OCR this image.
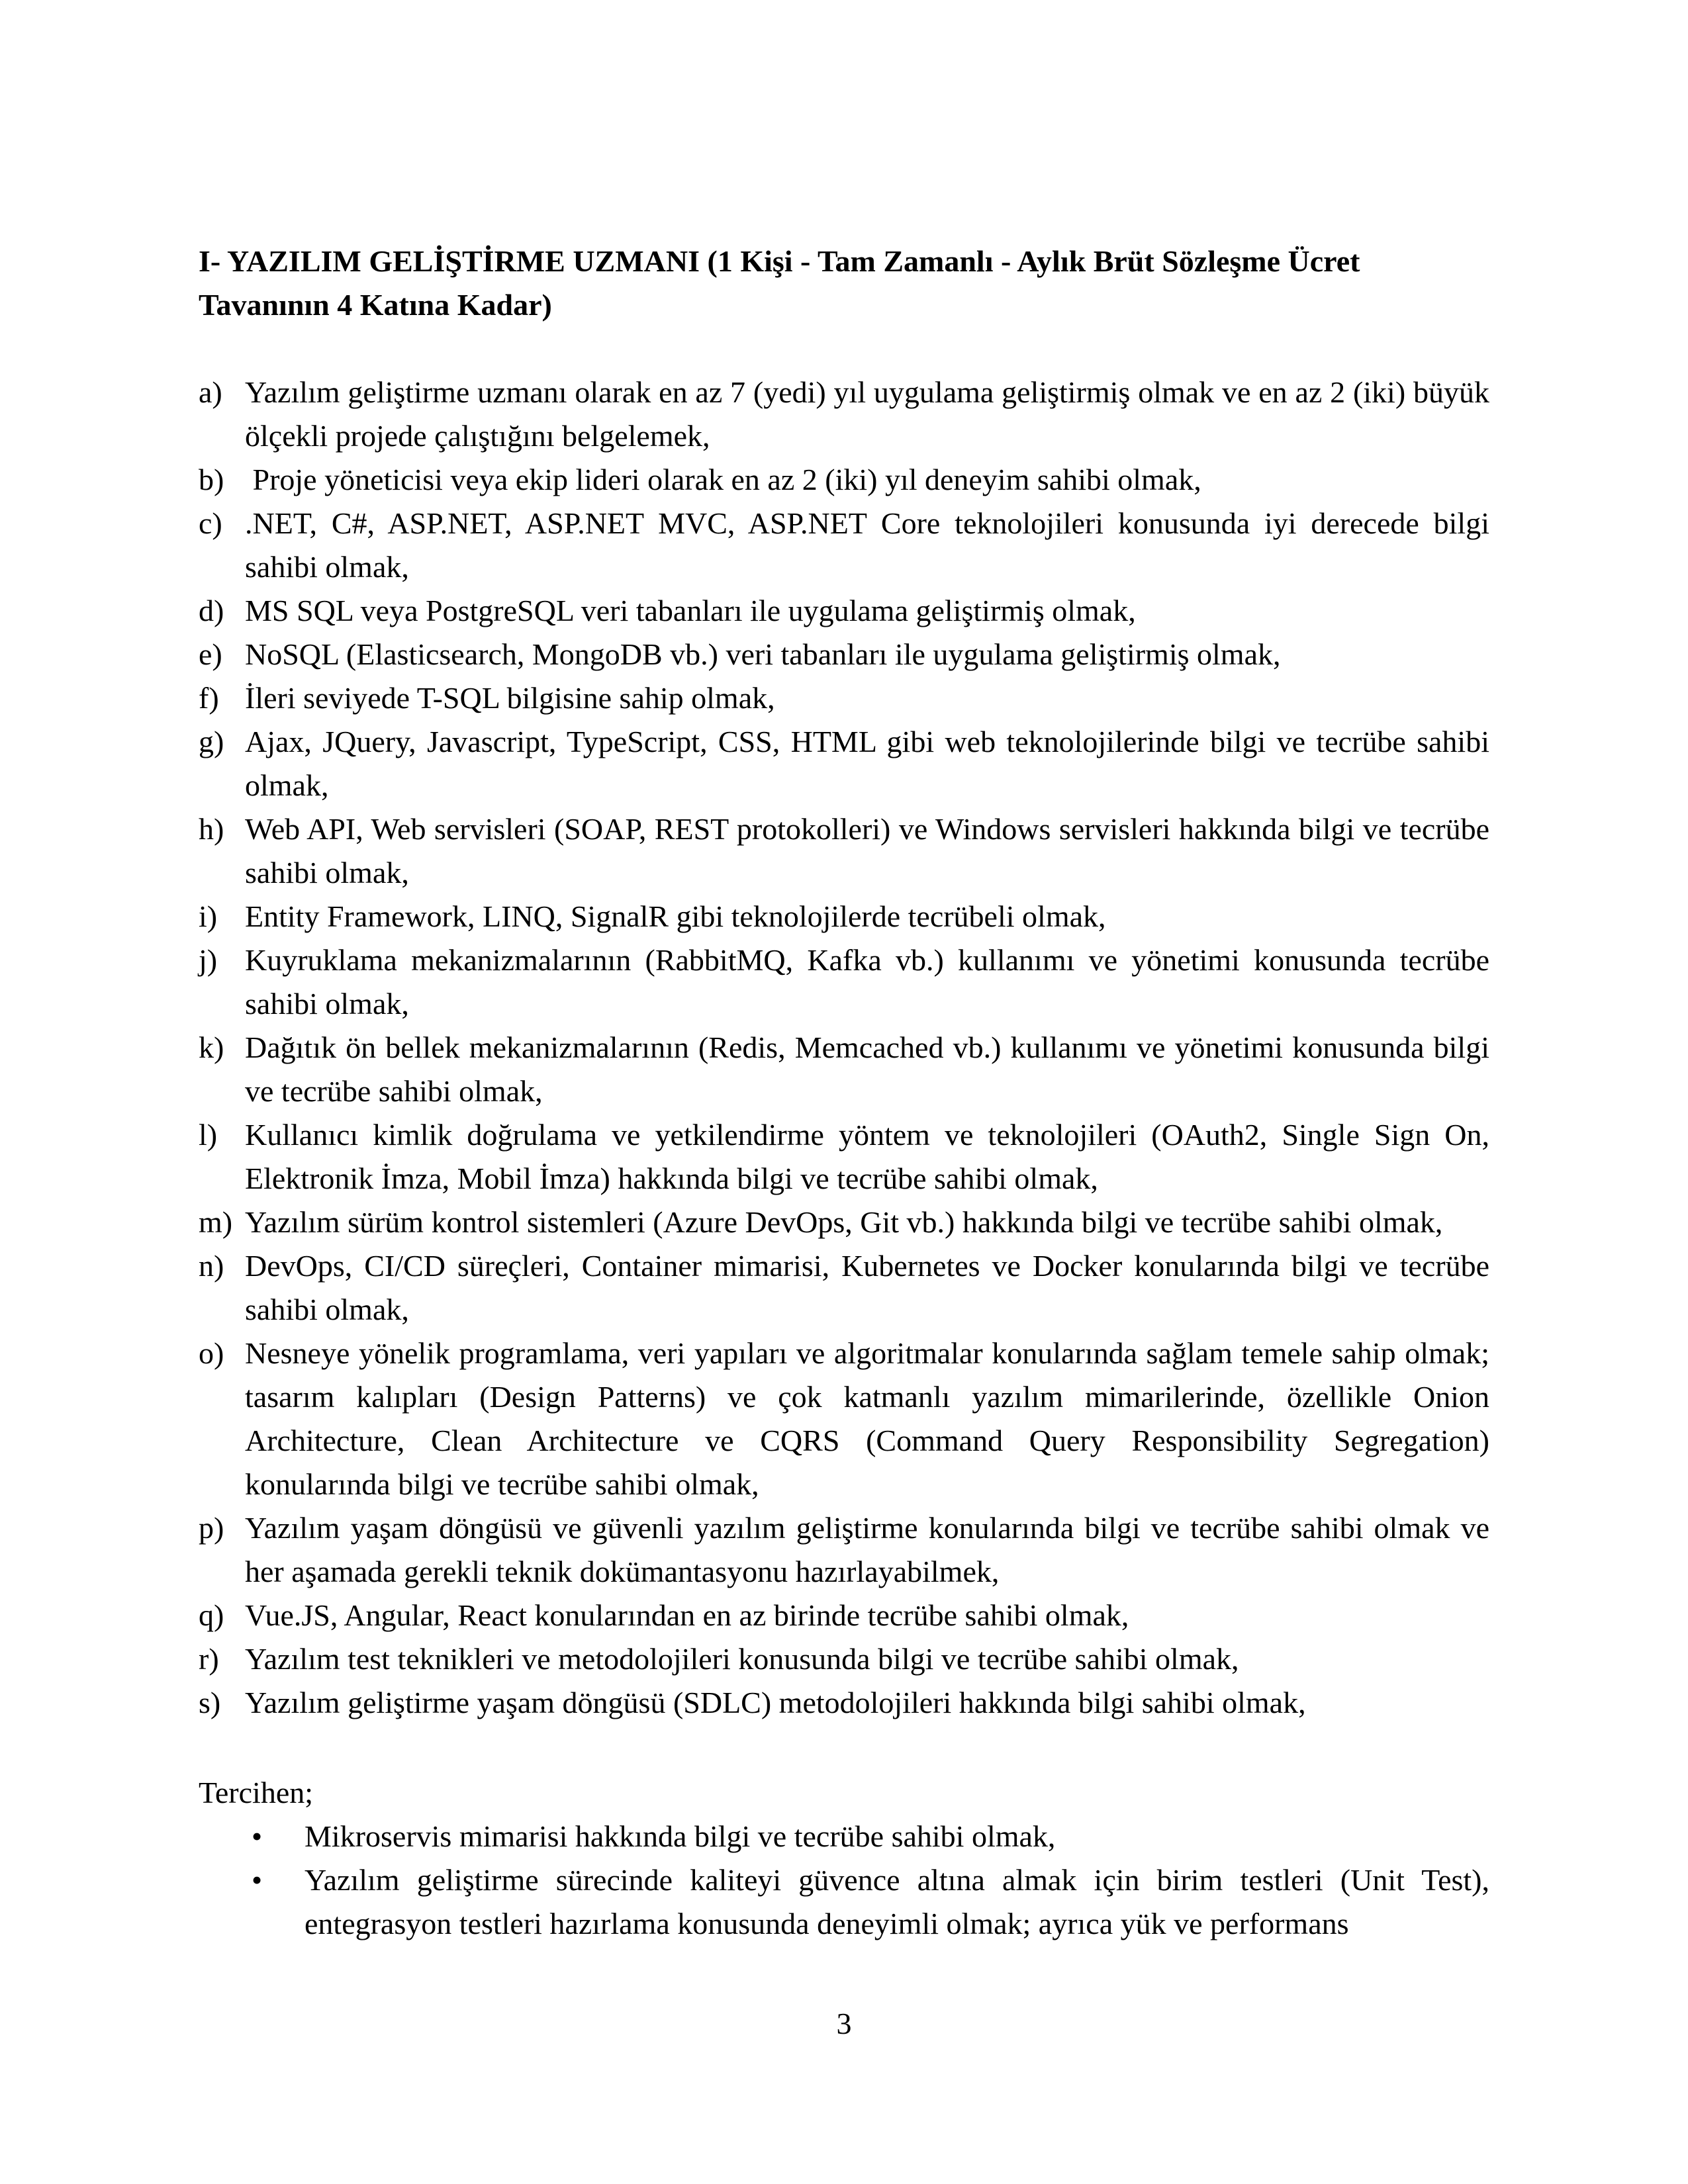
I- YAZILIM GELİŞTİRME UZMANI (1 Kişi - Tam Zamanlı - Aylık Brüt Sözleşme Ücret Tavanının 4 Katına Kadar)

a) Yazılım geliştirme uzmanı olarak en az 7 (yedi) yıl uygulama geliştirmiş olmak ve en az 2 (iki) büyük ölçekli projede çalıştığını belgelemek,
b) Proje yöneticisi veya ekip lideri olarak en az 2 (iki) yıl deneyim sahibi olmak,
c) .NET, C#, ASP.NET, ASP.NET MVC, ASP.NET Core teknolojileri konusunda iyi derecede bilgi sahibi olmak,
d) MS SQL veya PostgreSQL veri tabanları ile uygulama geliştirmiş olmak,
e) NoSQL (Elasticsearch, MongoDB vb.) veri tabanları ile uygulama geliştirmiş olmak,
f) İleri seviyede T-SQL bilgisine sahip olmak,
g) Ajax, JQuery, Javascript, TypeScript, CSS, HTML gibi web teknolojilerinde bilgi ve tecrübe sahibi olmak,
h) Web API, Web servisleri (SOAP, REST protokolleri) ve Windows servisleri hakkında bilgi ve tecrübe sahibi olmak,
i) Entity Framework, LINQ, SignalR gibi teknolojilerde tecrübeli olmak,
j) Kuyruklama mekanizmalarının (RabbitMQ, Kafka vb.) kullanımı ve yönetimi konusunda tecrübe sahibi olmak,
k) Dağıtık ön bellek mekanizmalarının (Redis, Memcached vb.) kullanımı ve yönetimi konusunda bilgi ve tecrübe sahibi olmak,
l) Kullanıcı kimlik doğrulama ve yetkilendirme yöntem ve teknolojileri (OAuth2, Single Sign On, Elektronik İmza, Mobil İmza) hakkında bilgi ve tecrübe sahibi olmak,
m) Yazılım sürüm kontrol sistemleri (Azure DevOps, Git vb.) hakkında bilgi ve tecrübe sahibi olmak,
n) DevOps, CI/CD süreçleri, Container mimarisi, Kubernetes ve Docker konularında bilgi ve tecrübe sahibi olmak,
o) Nesneye yönelik programlama, veri yapıları ve algoritmalar konularında sağlam temele sahip olmak; tasarım kalıpları (Design Patterns) ve çok katmanlı yazılım mimarilerinde, özellikle Onion Architecture, Clean Architecture ve CQRS (Command Query Responsibility Segregation) konularında bilgi ve tecrübe sahibi olmak,
p) Yazılım yaşam döngüsü ve güvenli yazılım geliştirme konularında bilgi ve tecrübe sahibi olmak ve her aşamada gerekli teknik dokümantasyonu hazırlayabilmek,
q) Vue.JS, Angular, React konularından en az birinde tecrübe sahibi olmak,
r) Yazılım test teknikleri ve metodolojileri konusunda bilgi ve tecrübe sahibi olmak,
s) Yazılım geliştirme yaşam döngüsü (SDLC) metodolojileri hakkında bilgi sahibi olmak,

Tercihen;

• Mikroservis mimarisi hakkında bilgi ve tecrübe sahibi olmak,
• Yazılım geliştirme sürecinde kaliteyi güvence altına almak için birim testleri (Unit Test), entegrasyon testleri hazırlama konusunda deneyimli olmak; ayrıca yük ve performans
3
